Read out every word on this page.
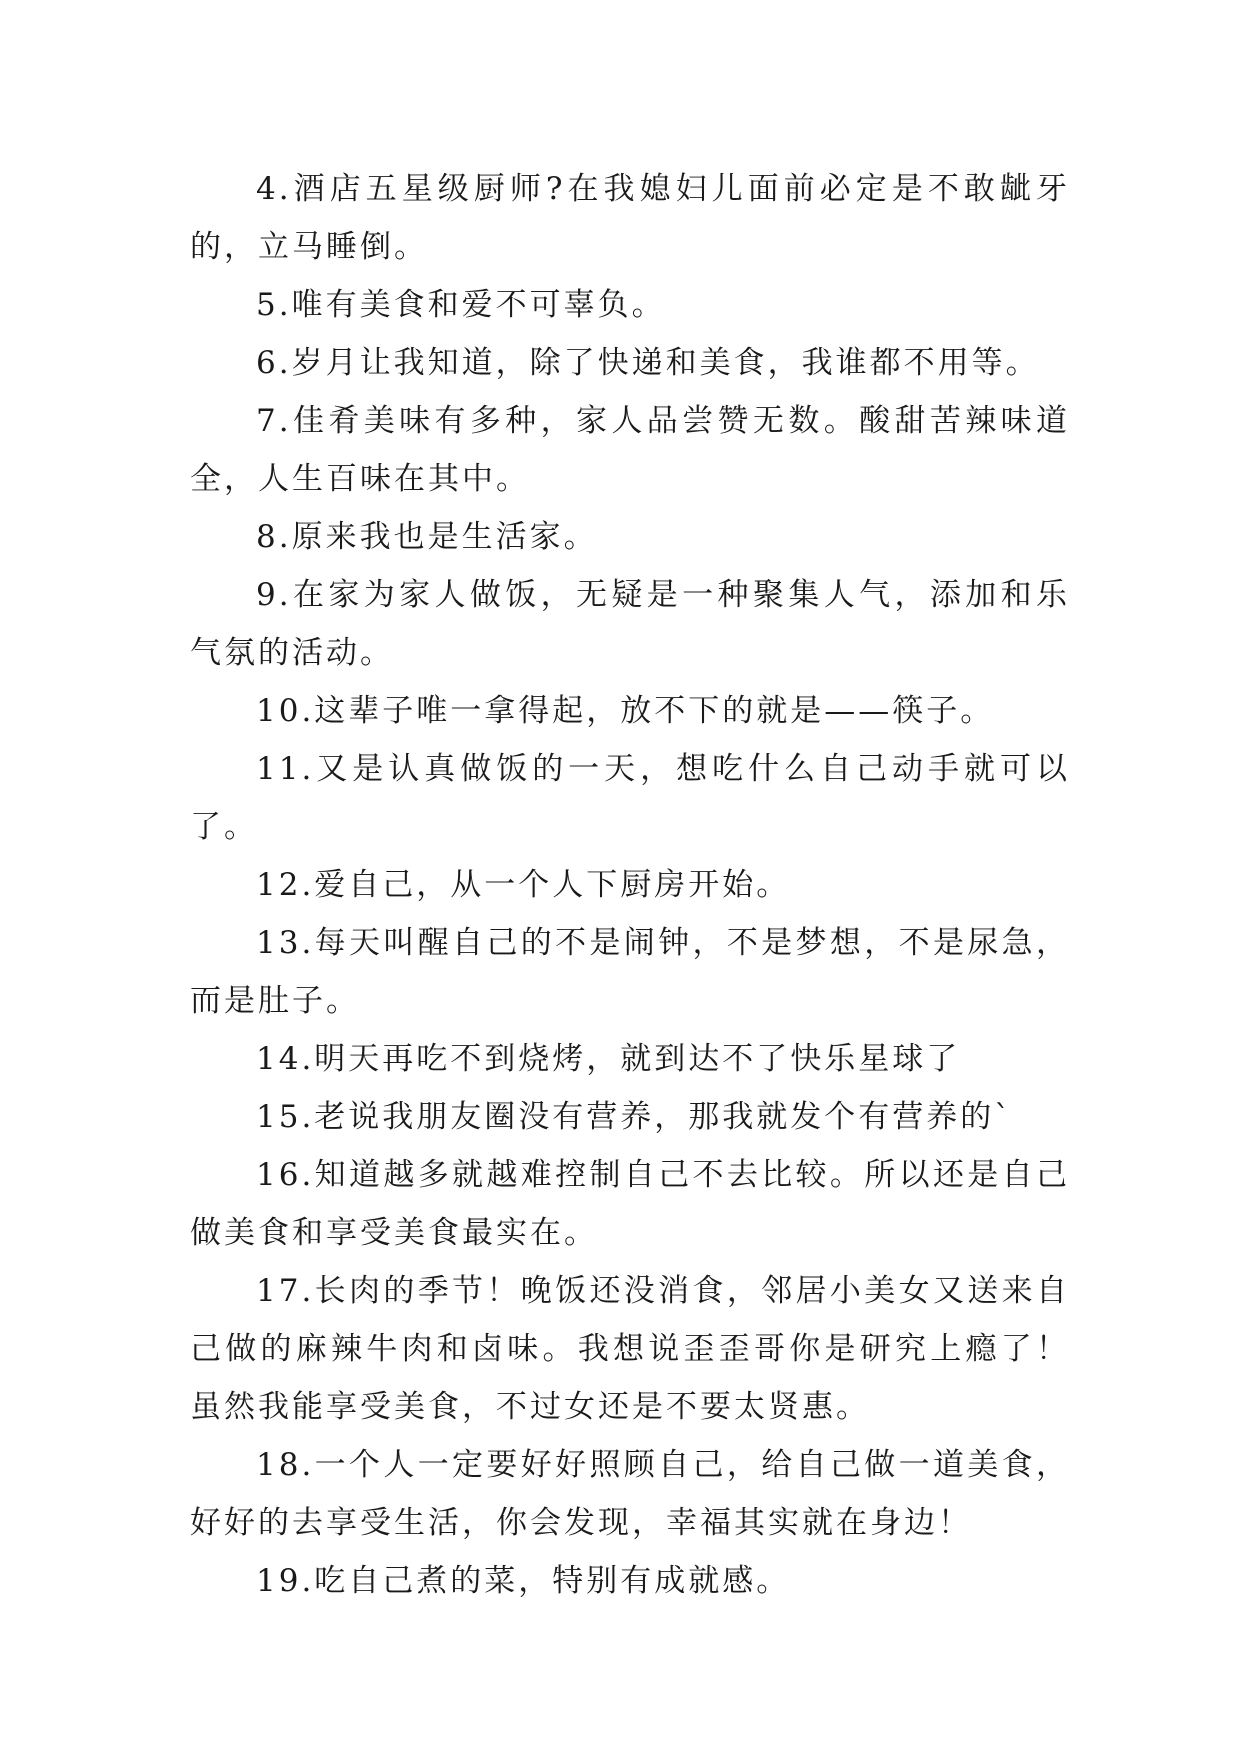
4.酒店五星级厨师?在我媳妇儿面前必定是不敢龇牙的，立马睡倒。

5.唯有美食和爱不可辜负。

6.岁月让我知道，除了快递和美食，我谁都不用等。

7.佳肴美味有多种，家人品尝赞无数。酸甜苦辣味道全，人生百味在其中。

8.原来我也是生活家。

9.在家为家人做饭，无疑是一种聚集人气，添加和乐气氛的活动。

10.这辈子唯一拿得起，放不下的就是——筷子。

11.又是认真做饭的一天，想吃什么自己动手就可以了。

12.爱自己，从一个人下厨房开始。

13.每天叫醒自己的不是闹钟，不是梦想，不是尿急，而是肚子。

14.明天再吃不到烧烤，就到达不了快乐星球了

15.老说我朋友圈没有营养，那我就发个有营养的`

16.知道越多就越难控制自己不去比较。所以还是自己做美食和享受美食最实在。

17.长肉的季节！晚饭还没消食，邻居小美女又送来自己做的麻辣牛肉和卤味。我想说歪歪哥你是研究上瘾了！虽然我能享受美食，不过女还是不要太贤惠。

18.一个人一定要好好照顾自己，给自己做一道美食，好好的去享受生活，你会发现，幸福其实就在身边！

19.吃自己煮的菜，特别有成就感。
